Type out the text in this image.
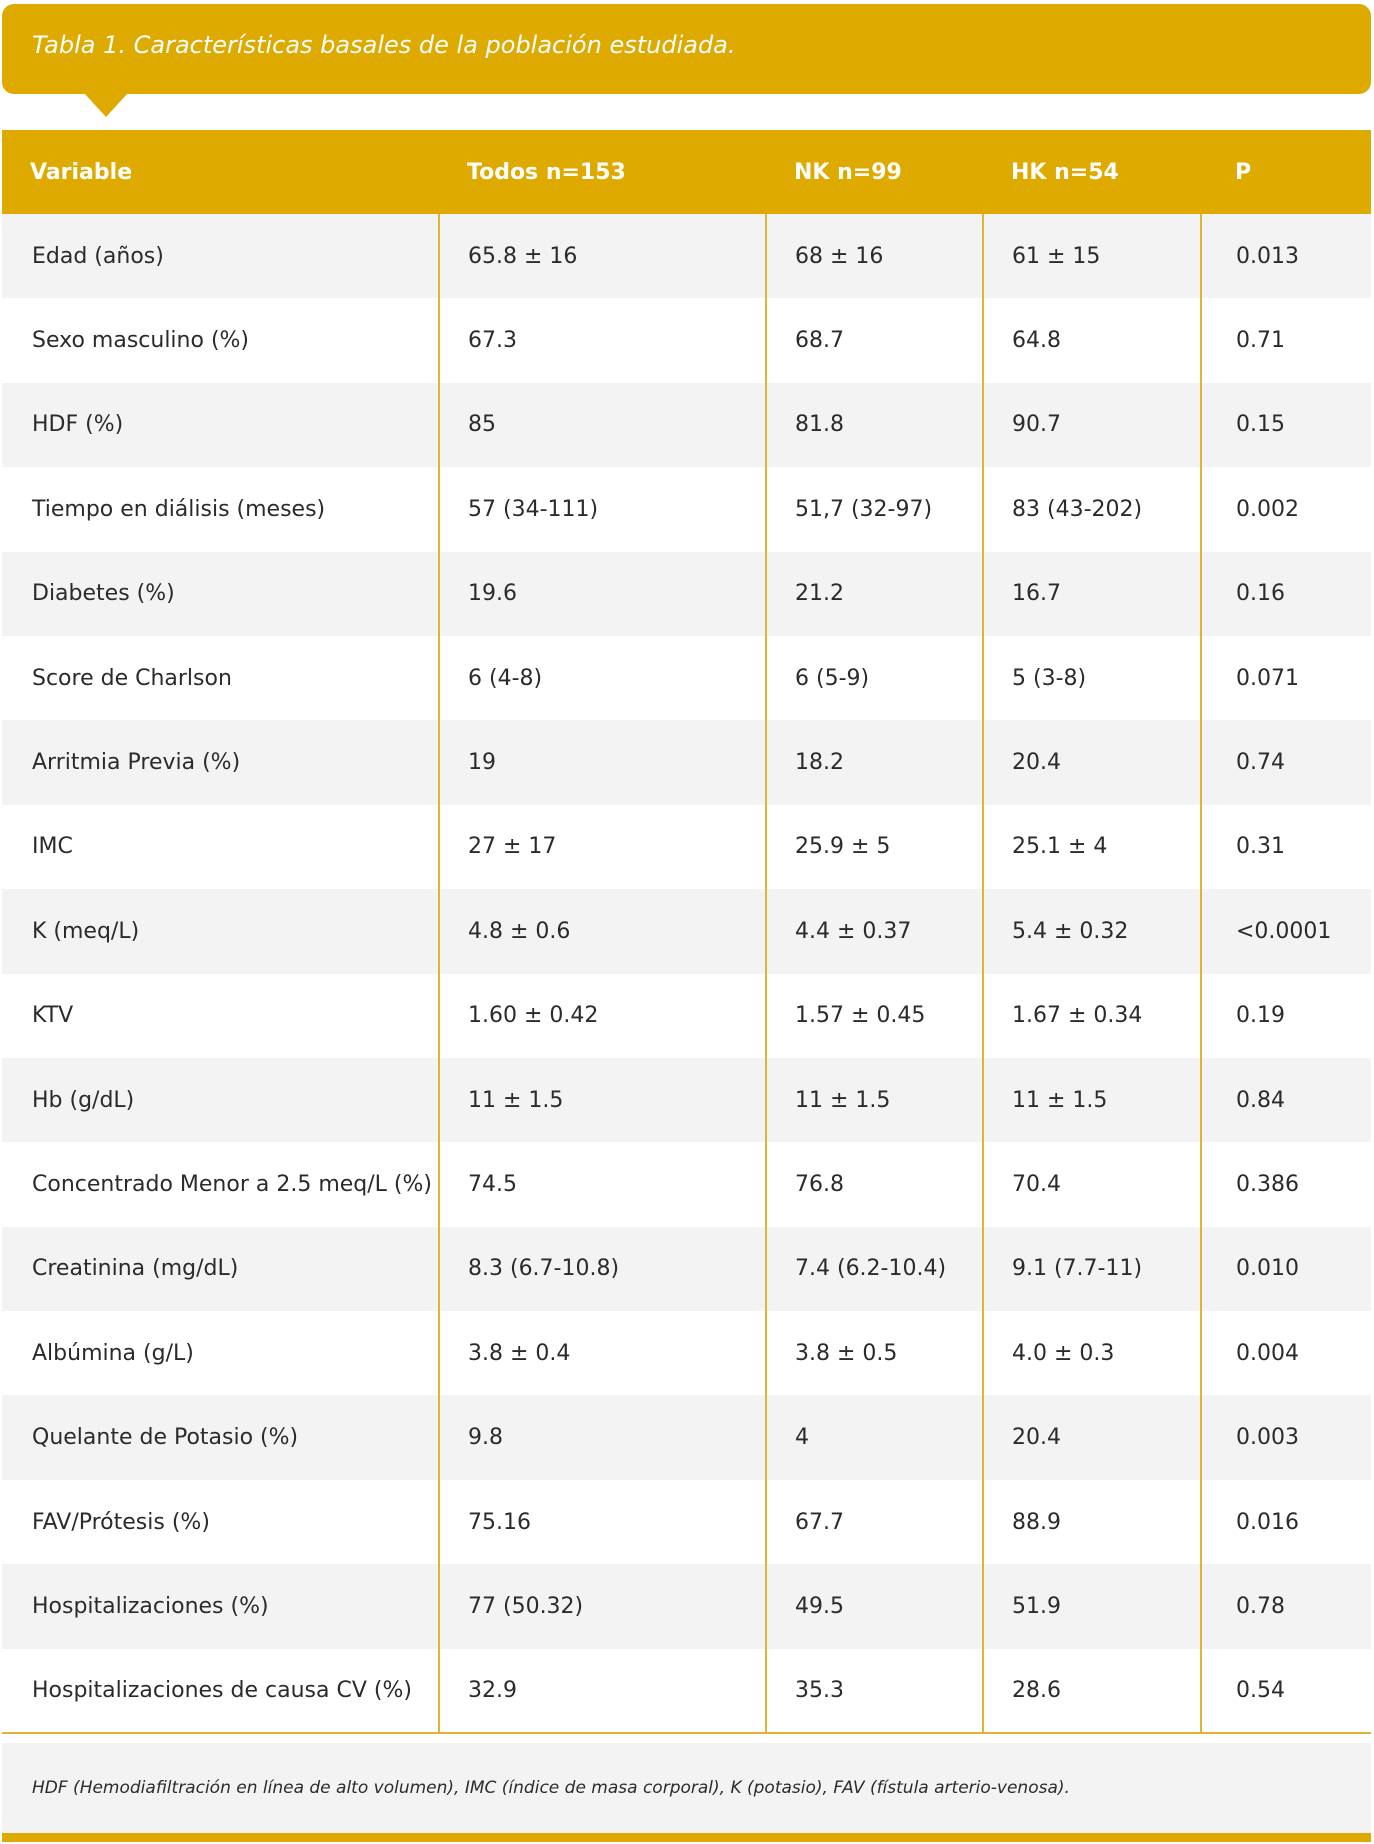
Tabla 1. Características basales de la población estudiada.
Variable	Todos n=153	NK n=99	HK n=54	P
Edad (años)	65.8 ± 16	68 ± 16	61 ± 15	0.013
Sexo masculino (%)	67.3	68.7	64.8	0.71
HDF (%)	85	81.8	90.7	0.15
Tiempo en diálisis (meses)	57 (34-111)	51,7 (32-97)	83 (43-202)	0.002
Diabetes (%)	19.6	21.2	16.7	0.16
Score de Charlson	6 (4-8)	6 (5-9)	5 (3-8)	0.071
Arritmia Previa (%)	19	18.2	20.4	0.74
IMC	27 ± 17	25.9 ± 5	25.1 ± 4	0.31
K (meq/L)	4.8 ± 0.6	4.4 ± 0.37	5.4 ± 0.32	<0.0001
KTV	1.60 ± 0.42	1.57 ± 0.45	1.67 ± 0.34	0.19
Hb (g/dL)	11 ± 1.5	11 ± 1.5	11 ± 1.5	0.84
Concentrado Menor a 2.5 meq/L (%)	74.5	76.8	70.4	0.386
Creatinina (mg/dL)	8.3 (6.7-10.8)	7.4 (6.2-10.4)	9.1 (7.7-11)	0.010
Albúmina (g/L)	3.8 ± 0.4	3.8 ± 0.5	4.0 ± 0.3	0.004
Quelante de Potasio (%)	9.8	4	20.4	0.003
FAV/Prótesis (%)	75.16	67.7	88.9	0.016
Hospitalizaciones (%)	77 (50.32)	49.5	51.9	0.78
Hospitalizaciones de causa CV (%)	32.9	35.3	28.6	0.54
HDF (Hemodiafiltración en línea de alto volumen), IMC (índice de masa corporal), K (potasio), FAV (fístula arterio-venosa).
